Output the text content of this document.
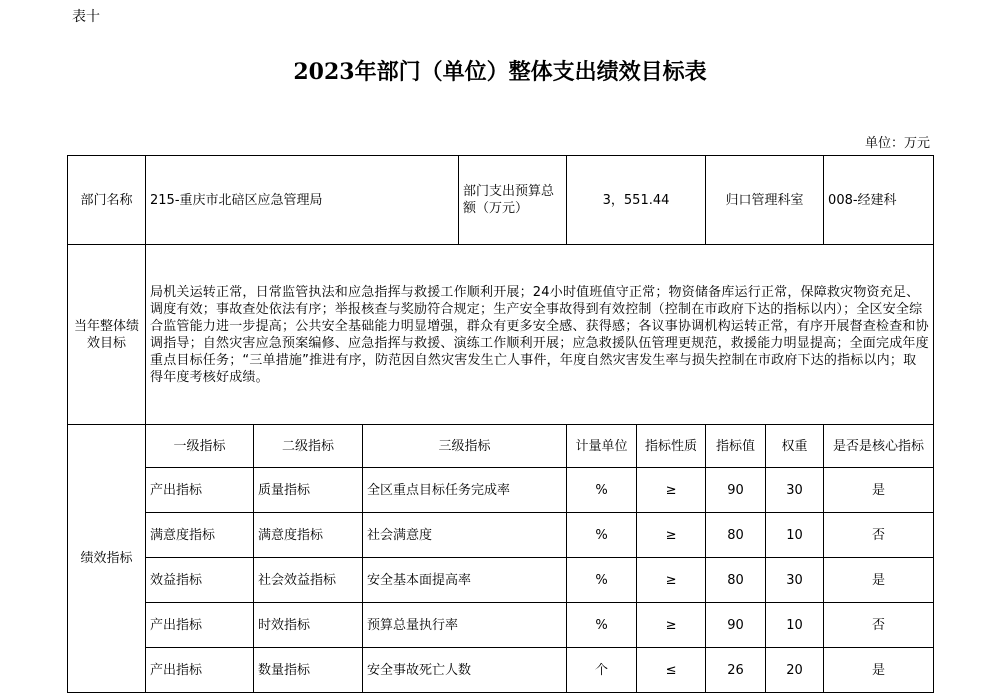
表十
2023年部门（单位）整体支出绩效目标表
单位：万元
部门名称	215-重庆市北碚区应急管理局			部门支出预算总额（万元）	3，551.44		归口管理科室		008-经建科
当年整体绩效目标	局机关运转正常，日常监管执法和应急指挥与救援工作顺利开展；24小时值班值守正常；物资储备库运行正常，保障救灾物资充足、调度有效；事故查处依法有序；举报核查与奖励符合规定；生产安全事故得到有效控制（控制在市政府下达的指标以内）；全区安全综合监管能力进一步提高；公共安全基础能力明显增强，群众有更多安全感、获得感；各议事协调机构运转正常，有序开展督查检查和协调指导；自然灾害应急预案编修、应急指挥与救援、演练工作顺利开展；应急救援队伍管理更规范，救援能力明显提高；全面完成年度重点目标任务；“三单措施”推进有序，防范因自然灾害发生亡人事件，年度自然灾害发生率与损失控制在市政府下达的指标以内；取得年度考核好成绩。								
绩效指标	一级指标	二级指标	三级指标		计量单位	指标性质	指标值	权重	是否是核心指标
	产出指标	质量指标	全区重点目标任务完成率		%	≥	90	30	是
	满意度指标	满意度指标	社会满意度		%	≥	80	10	否
	效益指标	社会效益指标	安全基本面提高率		%	≥	80	30	是
	产出指标	时效指标	预算总量执行率		%	≥	90	10	否
	产出指标	数量指标	安全事故死亡人数		个	≤	26	20	是
